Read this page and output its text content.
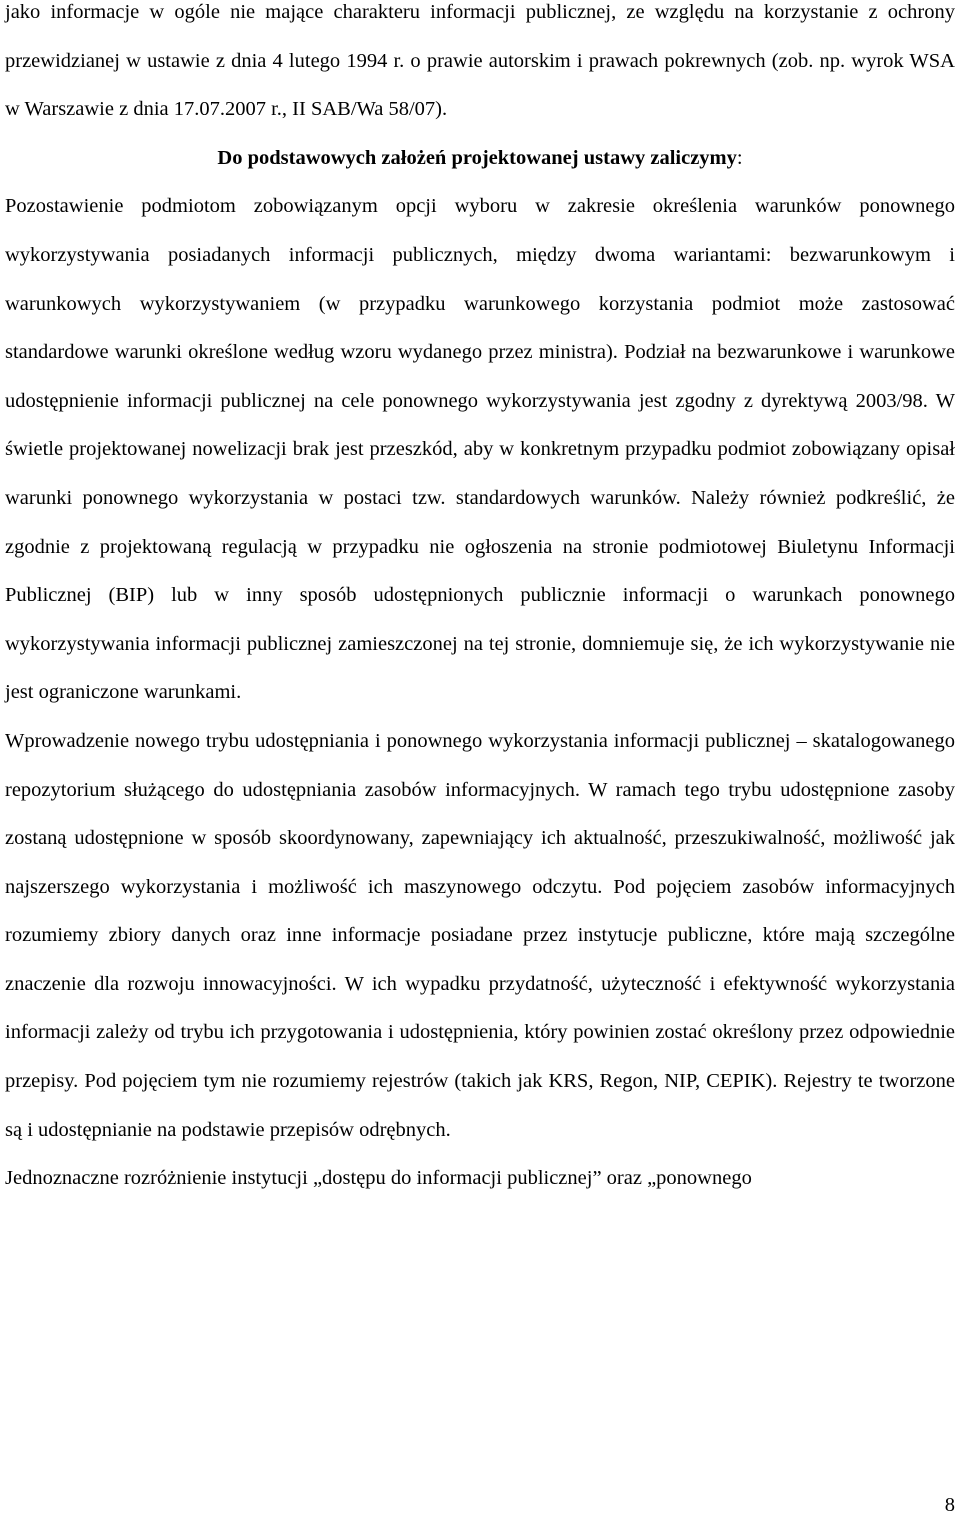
jako informacje w ogóle nie mające charakteru informacji publicznej, ze względu na korzystanie z ochrony przewidzianej w ustawie z dnia 4 lutego 1994 r. o prawie autorskim i prawach pokrewnych (zob. np. wyrok WSA w Warszawie z dnia 17.07.2007 r., II SAB/Wa 58/07).

Do podstawowych założeń projektowanej ustawy zaliczymy:

Pozostawienie podmiotom zobowiązanym opcji wyboru w zakresie określenia warunków ponownego wykorzystywania posiadanych informacji publicznych, między dwoma wariantami: bezwarunkowym i warunkowych wykorzystywaniem (w przypadku warunkowego korzystania podmiot może zastosować standardowe warunki określone według wzoru wydanego przez ministra). Podział na bezwarunkowe i warunkowe udostępnienie informacji publicznej na cele ponownego wykorzystywania jest zgodny z dyrektywą 2003/98. W świetle projektowanej nowelizacji brak jest przeszkód, aby w konkretnym przypadku podmiot zobowiązany opisał warunki ponownego wykorzystania w postaci tzw. standardowych warunków. Należy również podkreślić, że zgodnie z projektowaną regulacją w przypadku nie ogłoszenia na stronie podmiotowej Biuletynu Informacji Publicznej (BIP) lub w inny sposób udostępnionych publicznie informacji o warunkach ponownego wykorzystywania informacji publicznej zamieszczonej na tej stronie, domniemuje się, że ich wykorzystywanie nie jest ograniczone warunkami.

Wprowadzenie nowego trybu udostępniania i ponownego wykorzystania informacji publicznej – skatalogowanego repozytorium służącego do udostępniania zasobów informacyjnych. W ramach tego trybu udostępnione zasoby zostaną udostępnione w sposób skoordynowany, zapewniający ich aktualność, przeszukiwalność, możliwość jak najszerszego wykorzystania i możliwość ich maszynowego odczytu. Pod pojęciem zasobów informacyjnych rozumiemy zbiory danych oraz inne informacje posiadane przez instytucje publiczne, które mają szczególne znaczenie dla rozwoju innowacyjności. W ich wypadku przydatność, użyteczność i efektywność wykorzystania informacji zależy od trybu ich przygotowania i udostępnienia, który powinien zostać określony przez odpowiednie przepisy. Pod pojęciem tym nie rozumiemy rejestrów (takich jak KRS, Regon, NIP, CEPIK). Rejestry te tworzone są i udostępnianie na podstawie przepisów odrębnych.

Jednoznaczne rozróżnienie instytucji „dostępu do informacji publicznej” oraz „ponownego

8
